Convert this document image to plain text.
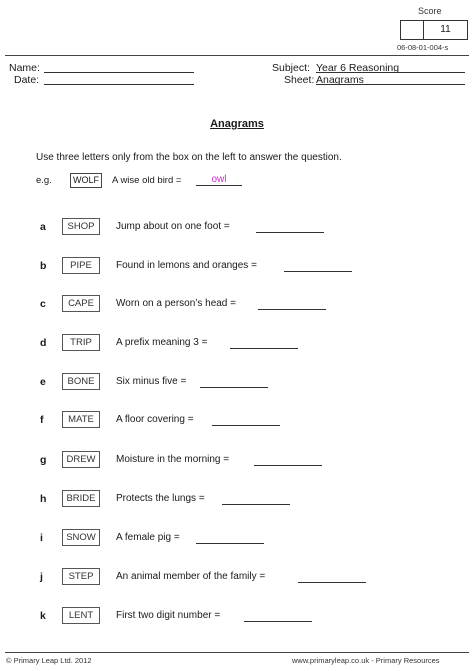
Score
11
06-08-01-004-s
Name:
Date:
Subject: Year 6 Reasoning
Sheet: Anagrams
Anagrams
Use three letters only from the box on the left to answer the question.
e.g.	WOLF	A wise old bird =	owl
a	SHOP	Jump about on one foot =
b	PIPE	Found in lemons and oranges =
c	CAPE	Worn on a person’s head =
d	TRIP	A prefix meaning 3 =
e	BONE	Six minus five =
f	MATE	A floor covering =
g	DREW	Moisture in the morning =
h	BRIDE	Protects the lungs =
i	SNOW	A female pig =
j	STEP	An animal member of the family =
k	LENT	First two digit number =
© Primary Leap Ltd. 2012	www.primaryleap.co.uk - Primary Resources
